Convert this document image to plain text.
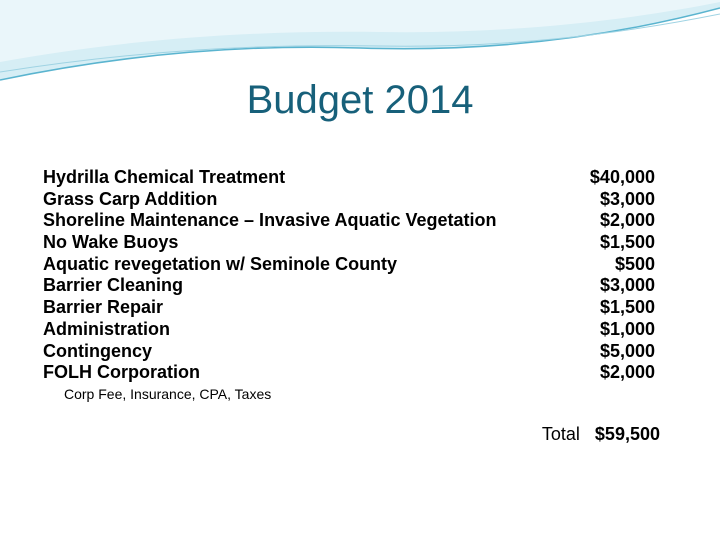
Budget 2014
Hydrilla Chemical Treatment	$40,000
Grass Carp Addition	$3,000
Shoreline Maintenance – Invasive Aquatic Vegetation	$2,000
No Wake Buoys	$1,500
Aquatic revegetation w/ Seminole County	$500
Barrier Cleaning	$3,000
Barrier Repair	$1,500
Administration	$1,000
Contingency	$5,000
FOLH Corporation	$2,000
Corp Fee, Insurance, CPA, Taxes
Total $59,500
